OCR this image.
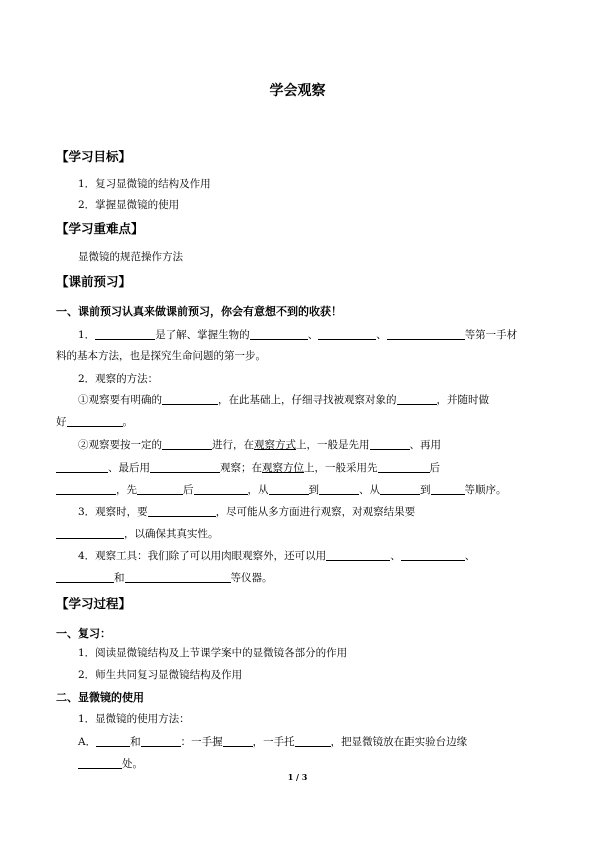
学会观察
【学习目标】
1．复习显微镜的结构及作用
2．掌握显微镜的使用
【学习重难点】
显微镜的规范操作方法
【课前预习】
一、课前预习认真来做课前预习，你会有意想不到的收获！
1．	是了解、掌握生物的	、	、	等第一手材
料的基本方法，也是探究生命问题的第一步。
2．观察的方法：
①观察要有明确的	，在此基础上，仔细寻找被观察对象的	，并随时做
好	。
②观察要按一定的	进行，在观察方式上，一般是先用	、再用
、最后用	观察；在观察方位上，一般采用先	后
，先	后	，从	到	、从	到	等顺序。
3．观察时，要	，尽可能从多方面进行观察，对观察结果要
，以确保其真实性。
4．观察工具：我们除了可以用肉眼观察外，还可以用	、	、
和	等仪器。
【学习过程】
一、复习：
1．阅读显微镜结构及上节课学案中的显微镜各部分的作用
2．师生共同复习显微镜结构及作用
二、显微镜的使用
1．显微镜的使用方法：
A．	和	：一手握	，一手托	，把显微镜放在距实验台边缘
处。
1 / 3
